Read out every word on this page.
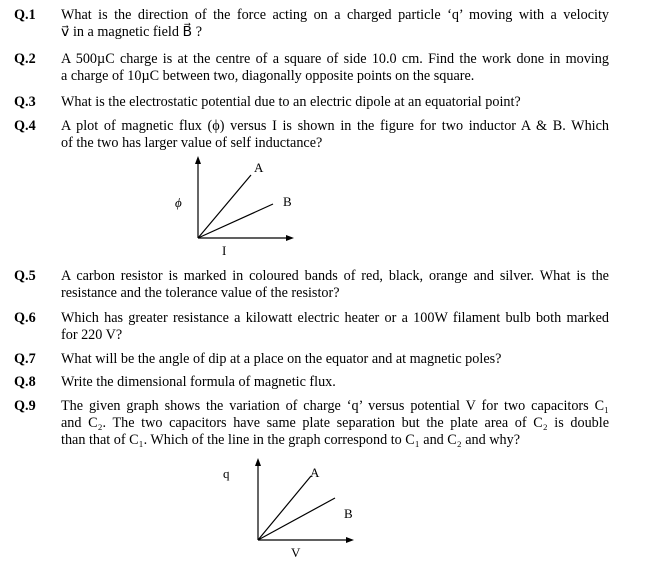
Q.1 What is the direction of the force acting on a charged particle ‘q’ moving with a velocity
v⃗ in a magnetic field B⃗ ?
Q.2 A 500µC charge is at the centre of a square of side 10.0 cm. Find the work done in moving
a charge of 10µC between two, diagonally opposite points on the square.
Q.3 What is the electrostatic potential due to an electric dipole at an equatorial point?
Q.4 A plot of magnetic flux (ϕ) versus I is shown in the figure for two inductor A & B. Which
of the two has larger value of self inductance?
ϕ
I
A
B
Q.5 A carbon resistor is marked in coloured bands of red, black, orange and silver. What is the
resistance and the tolerance value of the resistor?
Q.6 Which has greater resistance a kilowatt electric heater or a 100W filament bulb both marked
for 220 V?
Q.7 What will be the angle of dip at a place on the equator and at magnetic poles?
Q.8 Write the dimensional formula of magnetic flux.
Q.9 The given graph shows the variation of charge ‘q’ versus potential V for two capacitors C₁
and C₂. The two capacitors have same plate separation but the plate area of C₂ is double
than that of C₁. Which of the line in the graph correspond to C₁ and C₂ and why?
q
V
A
B
